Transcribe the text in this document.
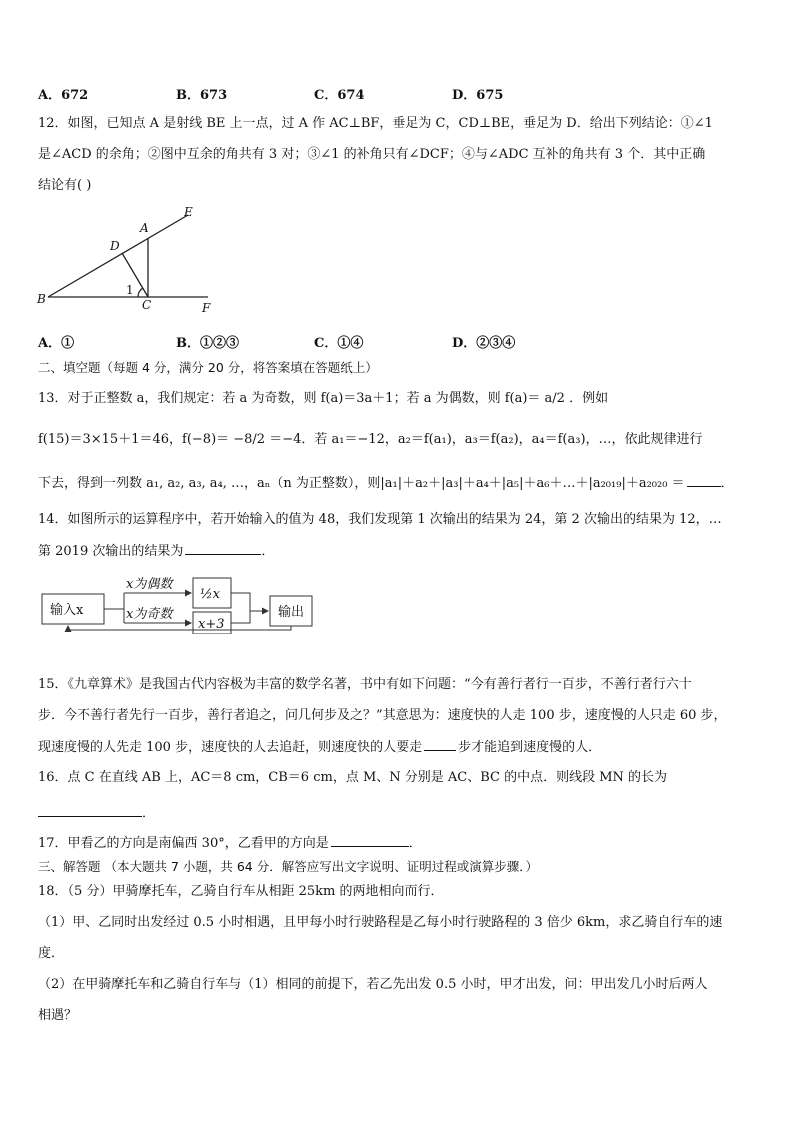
A．672	B．673	C．674	D．675
12．如图，已知点 A 是射线 BE 上一点，过 A 作 AC⊥BF，垂足为 C，CD⊥BE，垂足为 D．给出下列结论：①∠1
是∠ACD 的余角；②图中互余的角共有 3 对；③∠1 的补角只有∠DCF；④与∠ADC 互补的角共有 3 个．其中正确
结论有( )
E
A
D
B	C	F
1
A．①	B．①②③	C．①④	D．②③④
二、填空题（每题 4 分，满分 20 分，将答案填在答题纸上）
13．对于正整数 a，我们规定：若 a 为奇数，则 f(a)＝3a＋1；若 a 为偶数，则 f(a)＝ a/2 ．例如
f(15)＝3×15＋1＝46，f(−8)＝ −8/2 ＝−4．若 a₁＝−12，a₂＝f(a₁)，a₃＝f(a₂)，a₄＝f(a₃)，…，依此规律进行
下去，得到一列数 a₁, a₂, a₃, a₄, …，aₙ（n 为正整数），则|a₁|＋a₂＋|a₃|＋a₄＋|a₅|＋a₆＋…＋|a₂₀₁₉|＋a₂₀₂₀ ＝	．
14．如图所示的运算程序中，若开始输入的值为 48，我们发现第 1 次输出的结果为 24，第 2 次输出的结果为 12，…
第 2019 次输出的结果为	．
输入x
x为偶数
x为奇数
½x
x+3
输出
15．《九章算术》是我国古代内容极为丰富的数学名著，书中有如下问题：“今有善行者行一百步，不善行者行六十
步．今不善行者先行一百步，善行者追之，问几何步及之？”其意思为：速度快的人走 100 步，速度慢的人只走 60 步，
现速度慢的人先走 100 步，速度快的人去追赶，则速度快的人要走	步才能追到速度慢的人．
16．点 C 在直线 AB 上，AC＝8 cm，CB＝6 cm，点 M、N 分别是 AC、BC 的中点．则线段 MN 的长为
．
17．甲看乙的方向是南偏西 30°，乙看甲的方向是	．
三、解答题 （本大题共 7 小题，共 64 分．解答应写出文字说明、证明过程或演算步骤．）
18．（5 分）甲骑摩托车，乙骑自行车从相距 25km 的两地相向而行．
（1）甲、乙同时出发经过 0.5 小时相遇，且甲每小时行驶路程是乙每小时行驶路程的 3 倍少 6km，求乙骑自行车的速
度．
（2）在甲骑摩托车和乙骑自行车与（1）相同的前提下，若乙先出发 0.5 小时，甲才出发，问：甲出发几小时后两人
相遇？
